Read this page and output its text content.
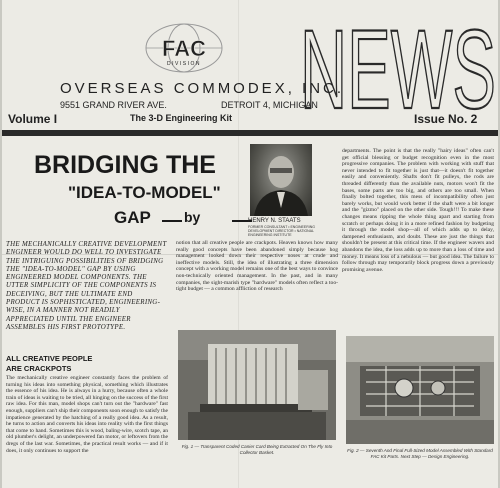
FAC
DIVISION
OVERSEAS COMMODEX, INC.
9551 GRAND RIVER AVE.	DETROIT 4, MICHIGAN
The 3-D Engineering Kit NEWS
Volume I	Issue No. 2
BRIDGING THE
"IDEA-TO-MODEL"
GAP by	HENRY N. STAATS
FORMER CONSULTANT • ENGINEERING DEVELOPMENT DIRECTOR • NATIONAL ENGINEERING INSTITUTE
THE MECHANICALLY CREATIVE DEVELOPMENT ENGINEER WOULD DO WELL TO INVESTIGATE THE INTRIGUING POSSIBILITIES OF BRIDGING THE "IDEA-TO-MODEL" GAP BY USING ENGINEERED MODEL COMPONENTS. THE UTTER SIMPLICITY OF THE COMPONENTS IS DECEIVING, BUT THE ULTIMATE END PRODUCT IS SOPHISTICATED, ENGINEERING-WISE, IN A MANNER NOT READILY APPRECIATED UNTIL THE ENGINEER ASSEMBLES HIS FIRST PROTOTYPE.
ALL CREATIVE PEOPLE
ARE CRACKPOTS
The mechanically creative engineer constantly faces the problem of turning his ideas into something physical, something which illustrates the essence of his idea. He is always in a hurry, because often a whole train of ideas is waiting to be tried, all hinging on the success of the first raw idea. For this man, model shops can't turn out the "hardware" fast enough, suppliers can't ship their components soon enough to satisfy the impatience generated by the hatching of a really good idea. As a result, he turns to action and converts his ideas into reality with the first things that come to hand. Sometimes this is wood, baling-wire, scotch tape, an old plumber's delight, an underpowered fan motor, or leftovers from the dregs of the last war. Sometimes, the practical result works — and if it does, it only continues to support the
notion that all creative people are crackpots. Heaven knows how many really good concepts have been abandoned simply because hog management looked down their respective noses at crude and ineffective models. Still, the idea of illustrating a three dimension concept with a working model remains one of the best ways to convince non-technically oriented management. In the past, and in many companies, the sight-marish type "hardware" models often reflect a too-tight budget — a common affliction of research
departments. The point is that the really "hairy ideas" often can't get official blessing or budget recognition even in the most progressive companies. The problem with working with stuff that never intended to fit together is just that—it doesn't fit together easily and conveniently. Shafts don't fit pulleys, the rods are threaded differently than the available nuts, motors won't fit the bases, some parts are too big, and others are too small. When finally bolted together, this mess of incompatibility often just barely works, but would work better if the shaft were a bit longer and the "gizmo" placed on the other side. Tough!!! To make these changes means ripping the whole thing apart and starting from scratch or perhaps doing it in a more refined fashion by budgeting it through the model shop—all of which adds up to delay, dampened enthusiasm, and doubt. These are just the things that shouldn't be present at this critical time. If the engineer wavers and abandons the idea, the loss adds up to more than a loss of time and money. It means loss of a nebulous — but good idea. The failure to follow through may temporarily block progress down a previously promising avenue.
Fig. 1 — Transparent Coded Canier Card Being Extracted On The Fly Into Collector Basket.	Fig. 2 — Seventh And Final Full-Sized Model Assembled With Standard FAC Kit Parts. Next Step — Design Engineering.
